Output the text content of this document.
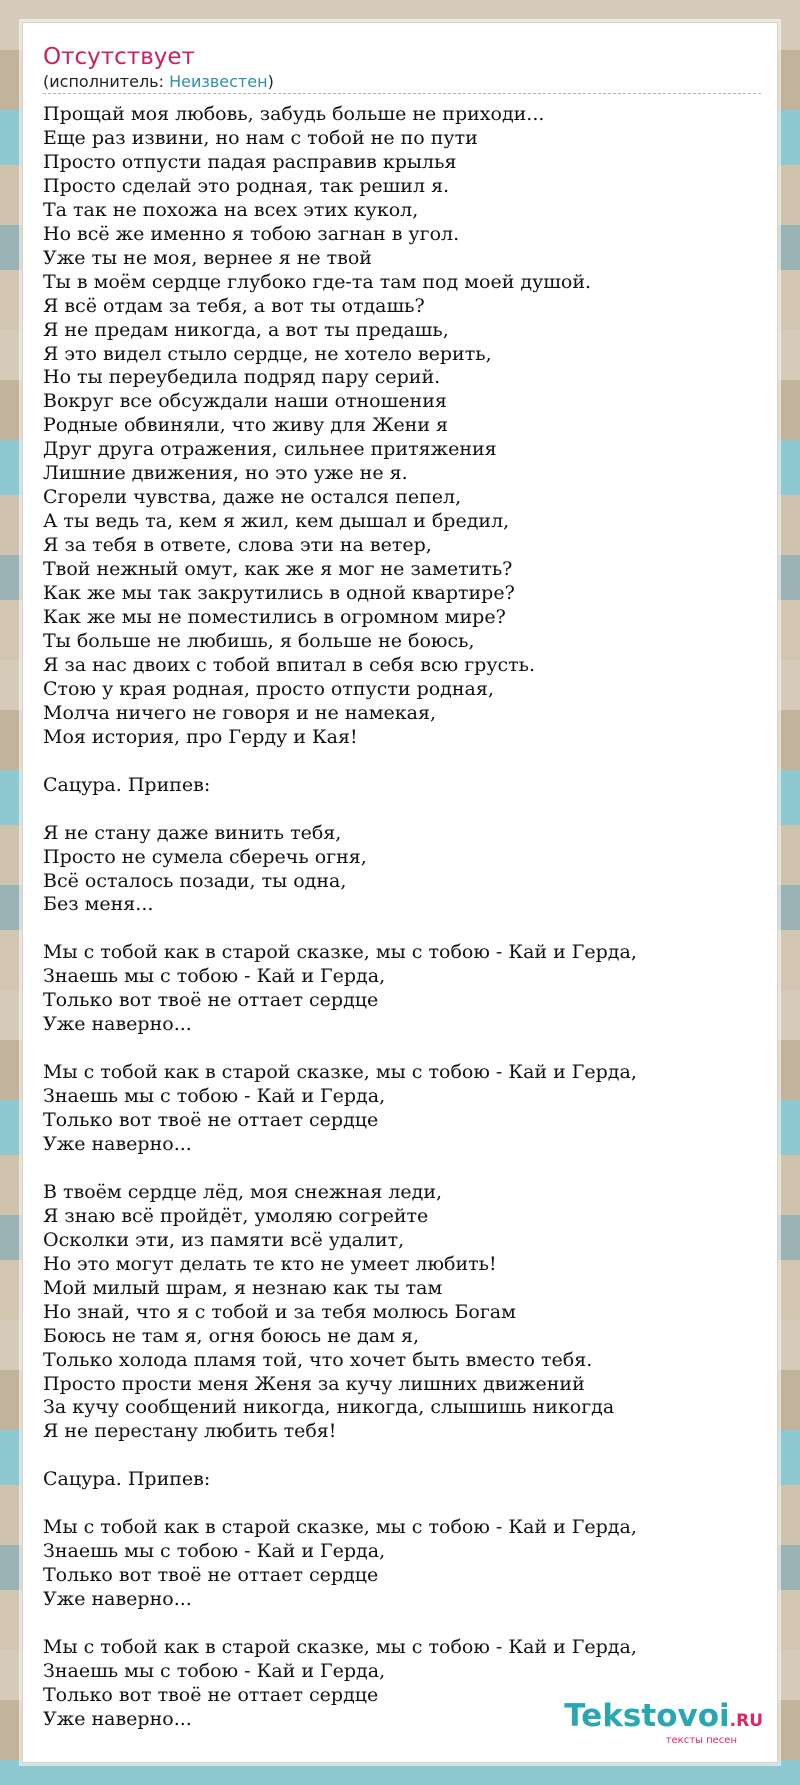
Отсутствует
(исполнитель: Неизвестен)
Прощай моя любовь, забудь больше не приходи...
Еще раз извини, но нам с тобой не по пути
Просто отпусти падая расправив крылья
Просто сделай это родная, так решил я.
Та так не похожа на всех этих кукол,
Но всё же именно я тобою загнан в угол.
Уже ты не моя, вернее я не твой
Ты в моём сердце глубоко где-та там под моей душой.
Я всё отдам за тебя, а вот ты отдашь?
Я не предам никогда, а вот ты предашь,
Я это видел стыло сердце, не хотело верить,
Но ты переубедила подряд пару серий.
Вокруг все обсуждали наши отношения
Родные обвиняли, что живу для Жени я
Друг друга отражения, сильнее притяжения
Лишние движения, но это уже не я.
Сгорели чувства, даже не остался пепел,
А ты ведь та, кем я жил, кем дышал и бредил,
Я за тебя в ответе, слова эти на ветер,
Твой нежный омут, как же я мог не заметить?
Как же мы так закрутились в одной квартире?
Как же мы не поместились в огромном мире?
Ты больше не любишь, я больше не боюсь,
Я за нас двоих с тобой впитал в себя всю грусть.
Стою у края родная, просто отпусти родная,
Молча ничего не говоря и не намекая,
Моя история, про Герду и Кая!

Сацура. Припев:

Я не стану даже винить тебя,
Просто не сумела сберечь огня,
Всё осталось позади, ты одна,
Без меня...

Мы с тобой как в старой сказке, мы с тобою - Кай и Герда,
Знаешь мы с тобою - Кай и Герда,
Только вот твоё не оттает сердце
Уже наверно...

Мы с тобой как в старой сказке, мы с тобою - Кай и Герда,
Знаешь мы с тобою - Кай и Герда,
Только вот твоё не оттает сердце
Уже наверно...

В твоём сердце лёд, моя снежная леди,
Я знаю всё пройдёт, умоляю согрейте
Осколки эти, из памяти всё удалит,
Но это могут делать те кто не умеет любить!
Мой милый шрам, я незнаю как ты там
Но знай, что я с тобой и за тебя молюсь Богам
Боюсь не там я, огня боюсь не дам я,
Только холода пламя той, что хочет быть вместо тебя.
Просто прости меня Женя за кучу лишних движений
За кучу сообщений никогда, никогда, слышишь никогда
Я не перестану любить тебя!

Сацура. Припев:

Мы с тобой как в старой сказке, мы с тобою - Кай и Герда,
Знаешь мы с тобою - Кай и Герда,
Только вот твоё не оттает сердце
Уже наверно...

Мы с тобой как в старой сказке, мы с тобою - Кай и Герда,
Знаешь мы с тобою - Кай и Герда,
Только вот твоё не оттает сердце
Уже наверно...	Tekstovoi.RU
тексты песен
